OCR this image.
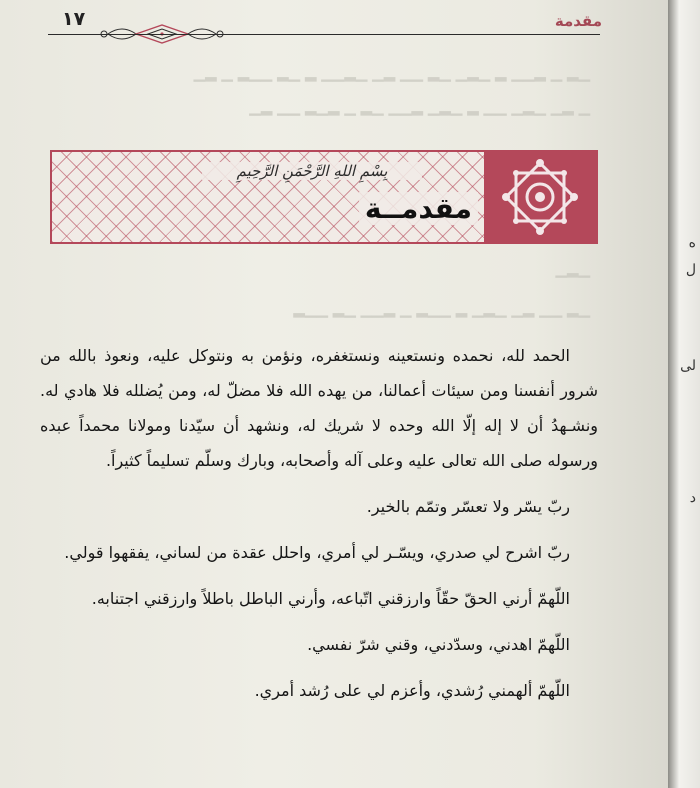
١٧	مقدمة
▁▂ ▁ ▂▁▁ ▂ ▁▂▁ ▁▂ ▁▁ ▂▁ ▁▂▁▁ ▂ ▁▂ ▁▁▂ ▁ ▂▁
▁ ▂▁ ▁▂▁ ▁▁ ▂ ▁▂▁ ▂▁▁ ▁▂ ▁ ▂▁▂ ▁▁ ▂▁
▁▂▁
▁▂ ▁▁ ▂▁ ▁▂▁ ▂ ▁▁▂ ▁ ▂▁▁ ▁▂ ▁▁▂
بِسْمِ اللهِ الرَّحْمَنِ الرَّحِيمِ
مقدمــة

الحمد لله، نحمده ونستعينه ونستغفره، ونؤمن به ونتوكل عليه، ونعوذ بالله من شرور أنفسنا ومن سيئات أعمالنا، من يهده الله فلا مضلّ له، ومن يُضلله فلا هادي له. ونشـهدُ أن لا إله إلّا الله وحده لا شريك له، ونشهد أن سيّدنا ومولانا محمداً عبده ورسوله صلى الله تعالى عليه وعلى آله وأصحابه، وبارك وسلّم تسليماً كثيراً.

ربّ يسّر ولا تعسّر وتمّم بالخير.

ربّ اشرح لي صدري، ويسّـر لي أمري، واحلل عقدة من لساني، يفقهوا قولي.

اللّهمّ أرني الحقّ حقّاً وارزقني اتّباعه، وأرني الباطل باطلاً وارزقني اجتنابه.

اللّهمّ اهدني، وسدّدني، وقني شرّ نفسي.

اللّهمّ ألهمني رُشدي، وأعزم لي على رُشد أمري.

ه
ل
لى
د
